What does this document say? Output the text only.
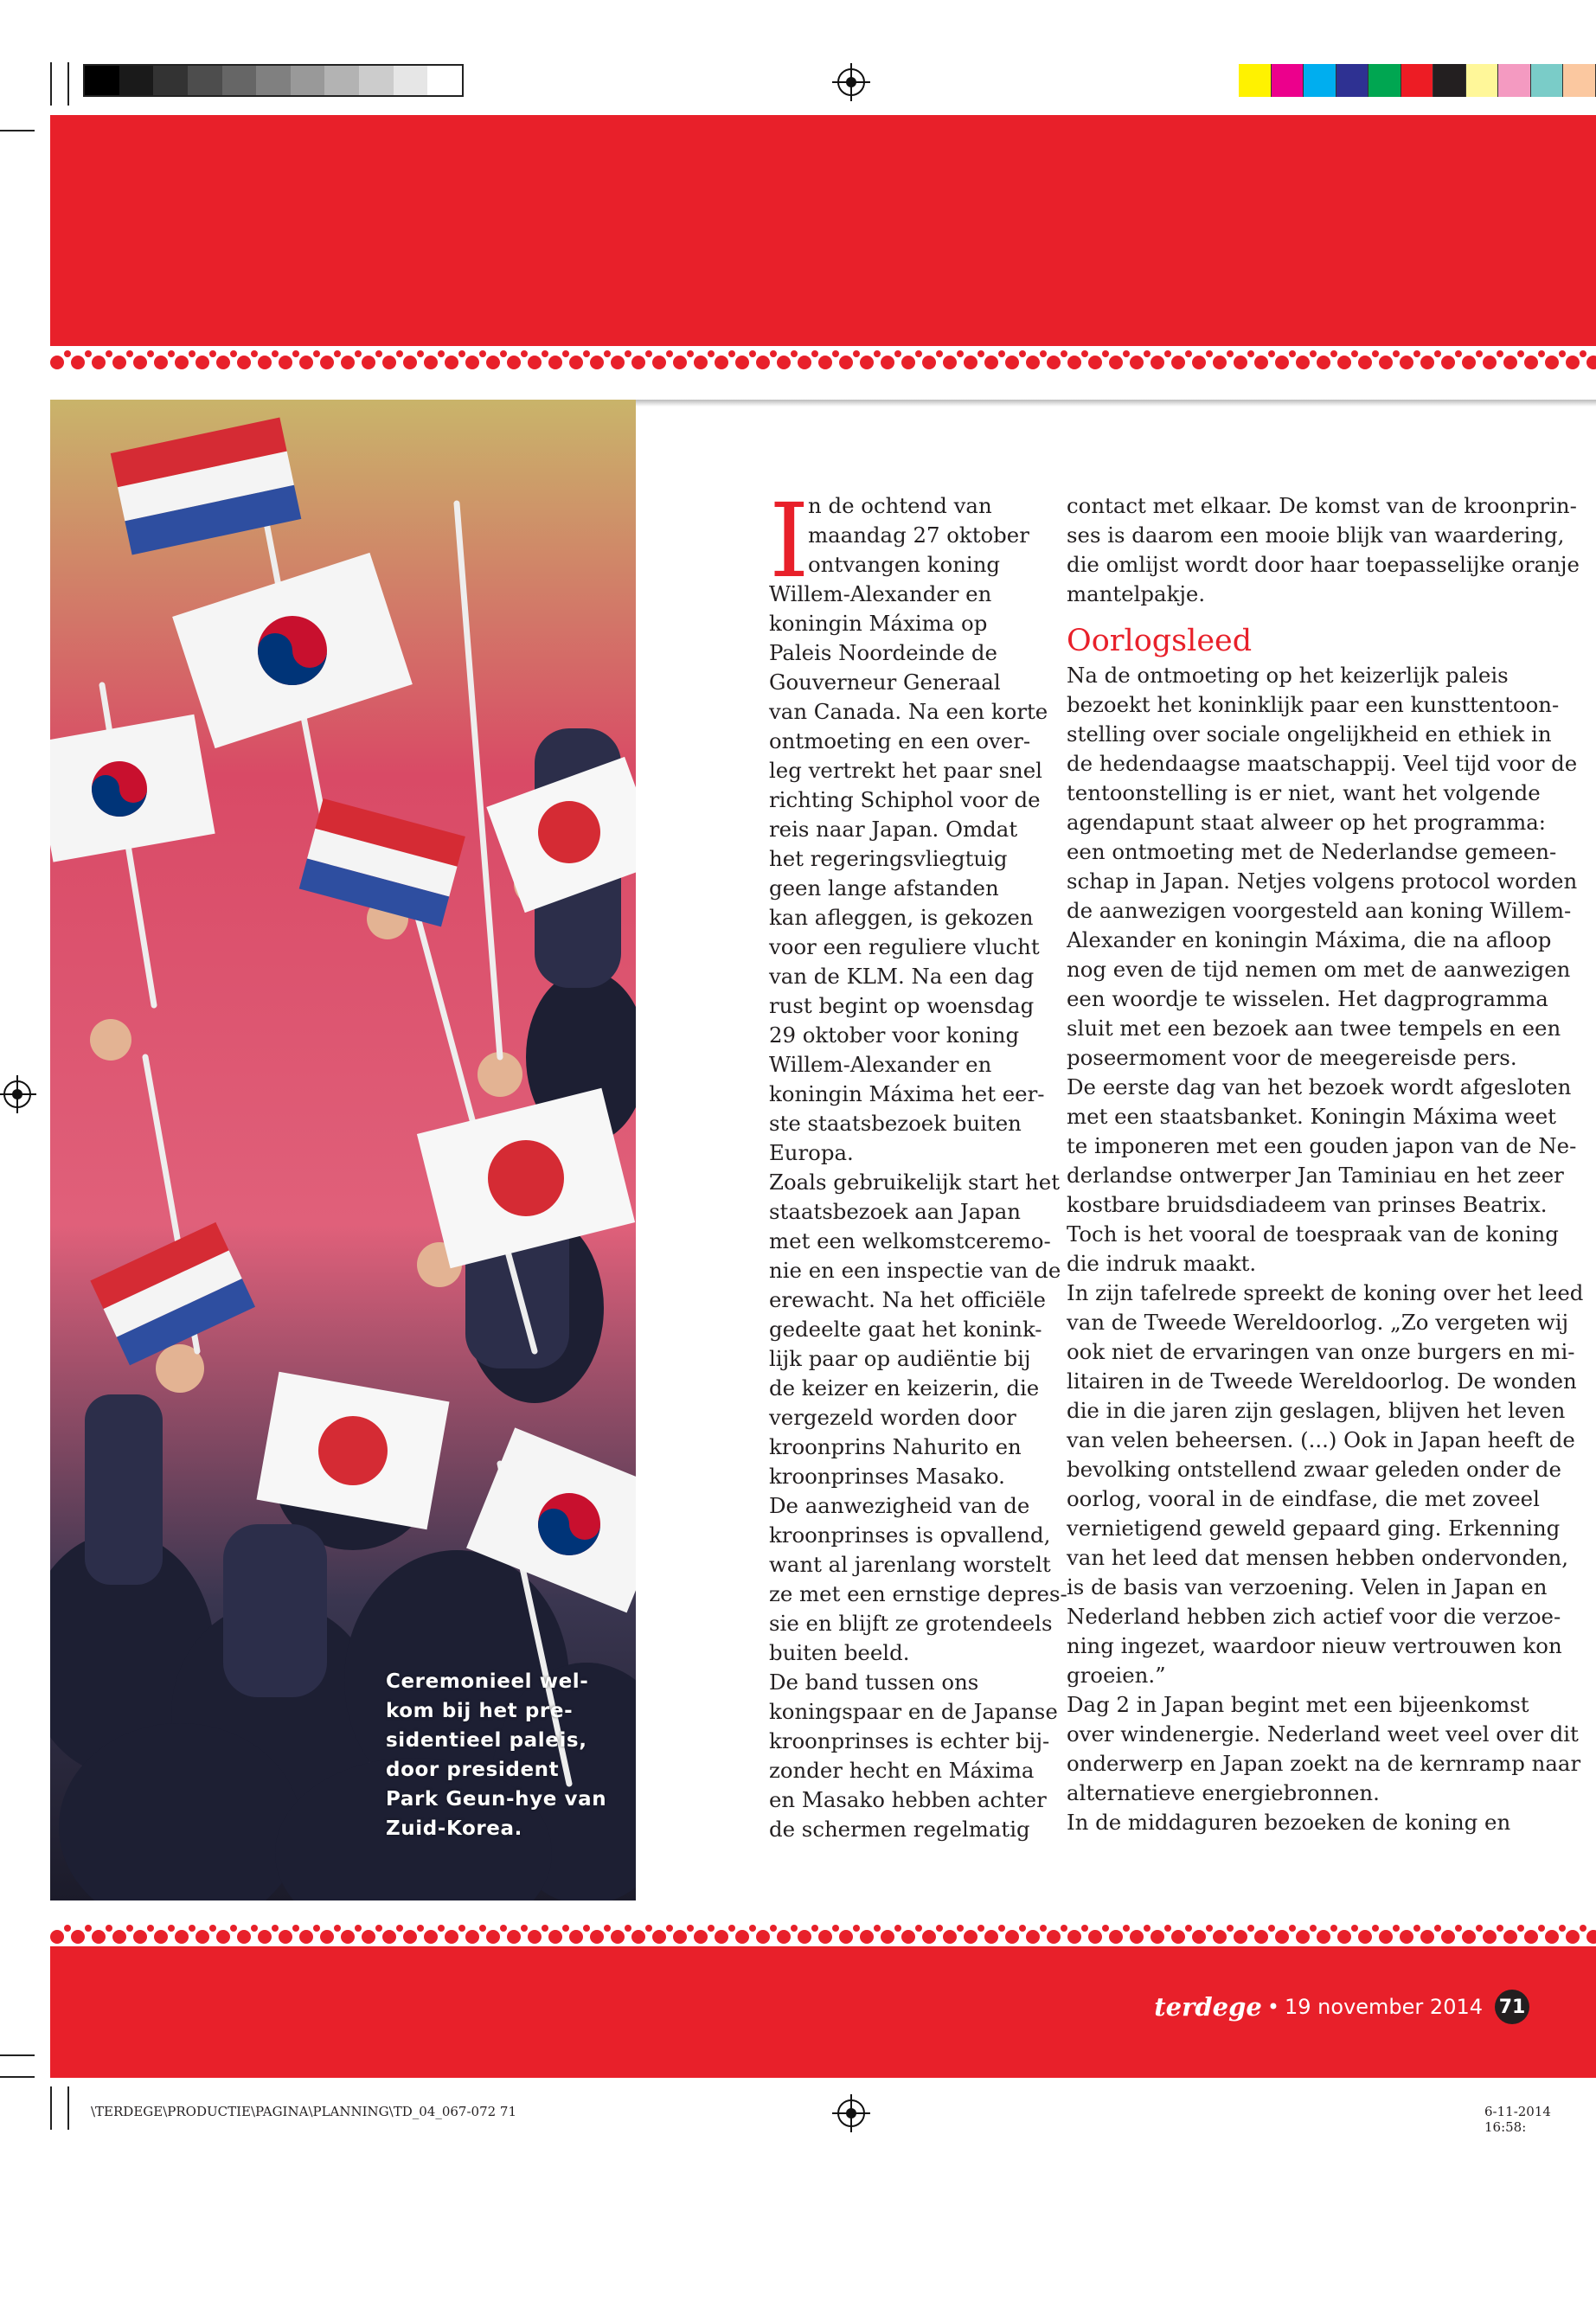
Ceremonieel wel-
kom bij het pre-
sidentieel paleis,
door president
Park Geun-hye van
Zuid-Korea.
I

n de ochtend van

maandag 27 oktober

ontvangen koning

Willem-Alexander en

koningin Máxima op

Paleis Noordeinde de

Gouverneur Generaal

van Canada. Na een korte

ontmoeting en een over-

leg vertrekt het paar snel

richting Schiphol voor de

reis naar Japan. Omdat

het regeringsvliegtuig

geen lange afstanden

kan afleggen, is gekozen

voor een reguliere vlucht

van de KLM. Na een dag

rust begint op woensdag

29 oktober voor koning

Willem-Alexander en

koningin Máxima het eer-

ste staatsbezoek buiten

Europa.

Zoals gebruikelijk start het

staatsbezoek aan Japan

met een welkomstceremo-

nie en een inspectie van de

erewacht. Na het officiële

gedeelte gaat het konink-

lijk paar op audiëntie bij

de keizer en keizerin, die

vergezeld worden door

kroonprins Nahurito en

kroonprinses Masako.

De aanwezigheid van de

kroonprinses is opvallend,

want al jarenlang worstelt

ze met een ernstige depres-

sie en blijft ze grotendeels

buiten beeld.

De band tussen ons

koningspaar en de Japanse

kroonprinses is echter bij-

zonder hecht en Máxima

en Masako hebben achter

de schermen regelmatig

contact met elkaar. De komst van de kroonprin-

ses is daarom een mooie blijk van waardering,

die omlijst wordt door haar toepasselijke oranje

mantelpakje.

Oorlogsleed

Na de ontmoeting op het keizerlijk paleis

bezoekt het koninklijk paar een kunsttentoon-

stelling over sociale ongelijkheid en ethiek in

de hedendaagse maatschappij. Veel tijd voor de

tentoonstelling is er niet, want het volgende

agendapunt staat alweer op het programma:

een ontmoeting met de Nederlandse gemeen-

schap in Japan. Netjes volgens protocol worden

de aanwezigen voorgesteld aan koning Willem-

Alexander en koningin Máxima, die na afloop

nog even de tijd nemen om met de aanwezigen

een woordje te wisselen. Het dagprogramma

sluit met een bezoek aan twee tempels en een

poseermoment voor de meegereisde pers.

De eerste dag van het bezoek wordt afgesloten

met een staatsbanket. Koningin Máxima weet

te imponeren met een gouden japon van de Ne-

derlandse ontwerper Jan Taminiau en het zeer

kostbare bruidsdiadeem van prinses Beatrix.

Toch is het vooral de toespraak van de koning

die indruk maakt.

In zijn tafelrede spreekt de koning over het leed

van de Tweede Wereldoorlog. „Zo vergeten wij

ook niet de ervaringen van onze burgers en mi-

litairen in de Tweede Wereldoorlog. De wonden

die in die jaren zijn geslagen, blijven het leven

van velen beheersen. (...) Ook in Japan heeft de

bevolking ontstellend zwaar geleden onder de

oorlog, vooral in de eindfase, die met zoveel

vernietigend geweld gepaard ging. Erkenning

van het leed dat mensen hebben ondervonden,

is de basis van verzoening. Velen in Japan en

Nederland hebben zich actief voor die verzoe-

ning ingezet, waardoor nieuw vertrouwen kon

groeien.”

Dag 2 in Japan begint met een bijeenkomst

over windenergie. Nederland weet veel over dit

onderwerp en Japan zoekt na de kernramp naar

alternatieve energiebronnen.

In de middaguren bezoeken de koning en

terdege • 19 november 2014 71
\TERDEGE\PRODUCTIE\PAGINA\PLANNING\TD_04_067-072 71	6-11-2014 16:58:
